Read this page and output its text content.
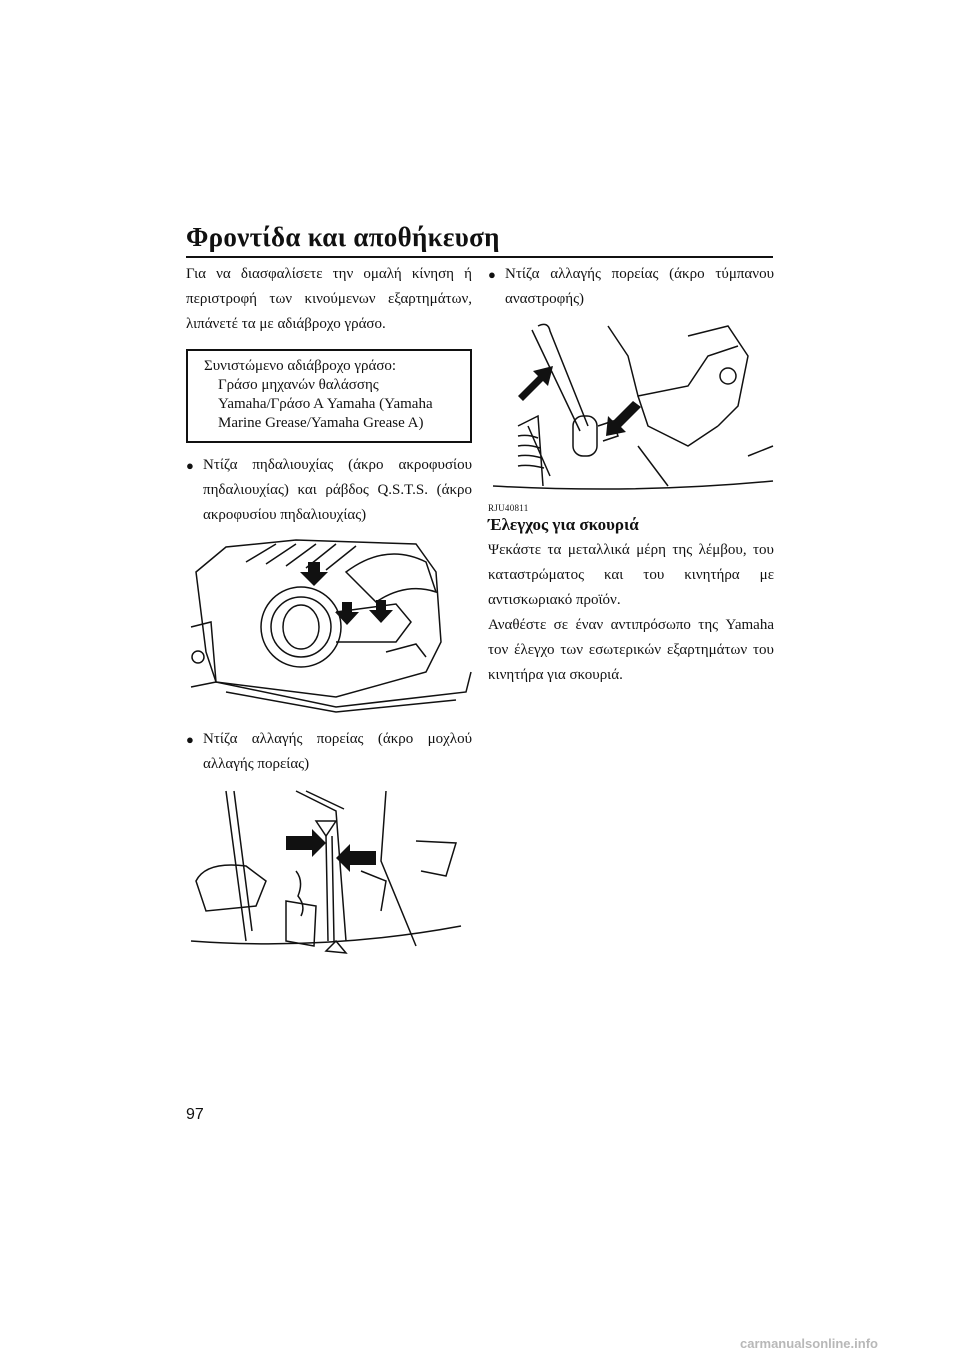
Φροντίδα και αποθήκευση

Για να διασφαλίσετε την ομαλή κίνηση ή περιστροφή των κινούμενων εξαρτημάτων, λιπάνετέ τα με αδιάβροχο γράσο.

Συνιστώμενο αδιάβροχο γράσο:
Γράσο μηχανών θαλάσσης
Yamaha/Γράσο Α Yamaha (Yamaha
Marine Grease/Yamaha Grease A)
● Ντίζα πηδαλιουχίας (άκρο ακροφυσίου πηδαλιουχίας) και ράβδος Q.S.T.S. (άκρο ακροφυσίου πηδαλιουχίας)
● Ντίζα αλλαγής πορείας (άκρο μοχλού αλλαγής πορείας)
● Ντίζα αλλαγής πορείας (άκρο τύμπανου αναστροφής)
RJU40811
Έλεγχος για σκουριά

Ψεκάστε τα μεταλλικά μέρη της λέμβου, του καταστρώματος και του κινητήρα με αντισκωριακό προϊόν.

Αναθέστε σε έναν αντιπρόσωπο της Yamaha τον έλεγχο των εσωτερικών εξαρτημάτων του κινητήρα για σκουριά.

97
carmanualsonline.info
